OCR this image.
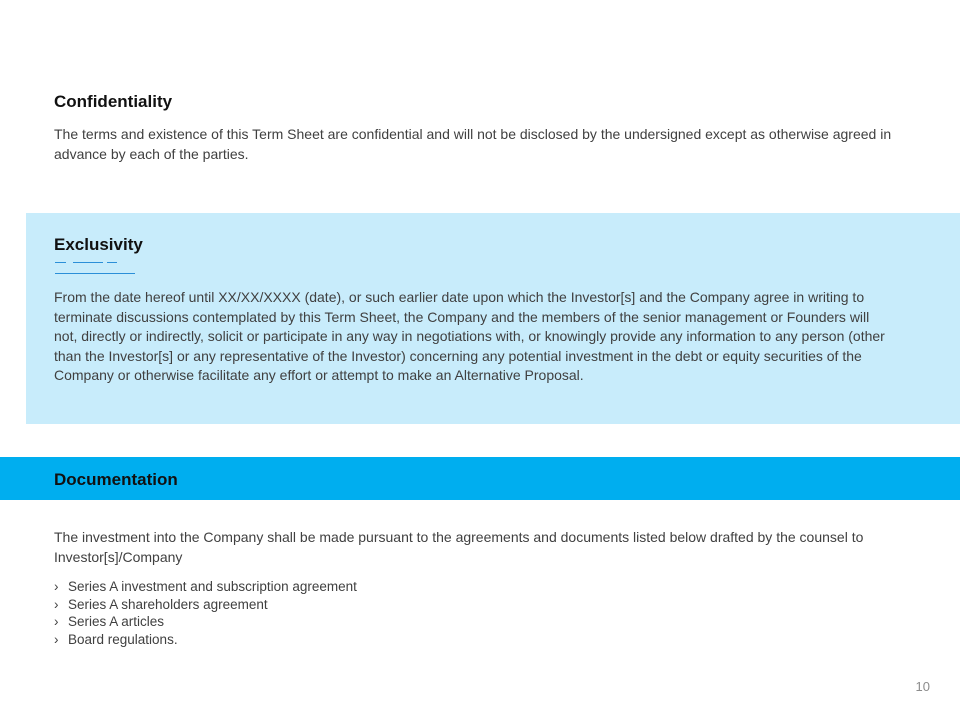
Confidentiality

The terms and existence of this Term Sheet are confidential and will not be disclosed by the undersigned except as otherwise agreed in advance by each of the parties.

Exclusivity

From the date hereof until XX/XX/XXXX (date), or such earlier date upon which the Investor[s] and the Company agree in writing to terminate discussions contemplated by this Term Sheet, the Company and the members of the senior management or Founders will not, directly or indirectly, solicit or participate in any way in negotiations with, or knowingly provide any information to any person (other than the Investor[s] or any representative of the Investor) concerning any potential investment in the debt or equity securities of the Company or otherwise facilitate any effort or attempt to make an Alternative Proposal.

Documentation

The investment into the Company shall be made pursuant to the agreements and documents listed below drafted by the counsel to Investor[s]/Company

› Series A investment and subscription agreement
› Series A shareholders agreement
› Series A articles
› Board regulations.
10
